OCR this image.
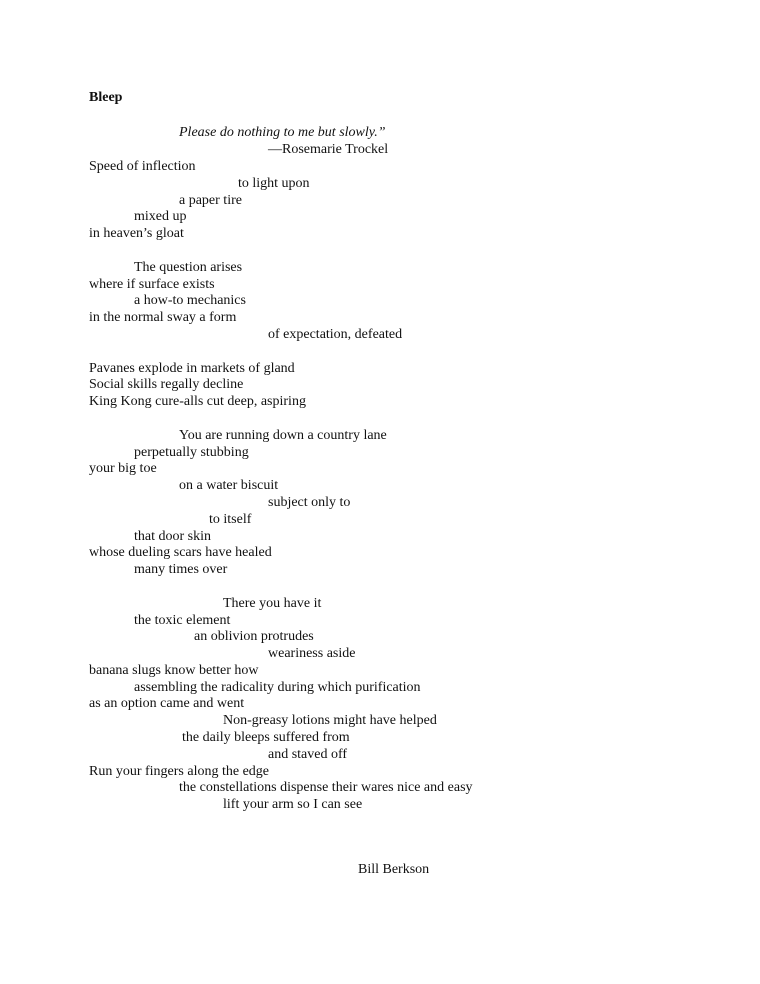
Bleep
Please do nothing to me but slowly.”
—Rosemarie Trockel
Speed of inflection
to light upon
a paper tire
mixed up
in heaven’s gloat
The question arises
where if surface exists
a how-to mechanics
in the normal sway a form
of expectation, defeated
Pavanes explode in markets of gland
Social skills regally decline
King Kong cure-alls cut deep, aspiring
You are running down a country lane
perpetually stubbing
your big toe
on a water biscuit
subject only to
to itself
that door skin
whose dueling scars have healed
many times over
There you have it
the toxic element
an oblivion protrudes
weariness aside
banana slugs know better how
assembling the radicality during which purification
as an option came and went
Non-greasy lotions might have helped
the daily bleeps suffered from
and staved off
Run your fingers along the edge
the constellations dispense their wares nice and easy
lift your arm so I can see
Bill Berkson
